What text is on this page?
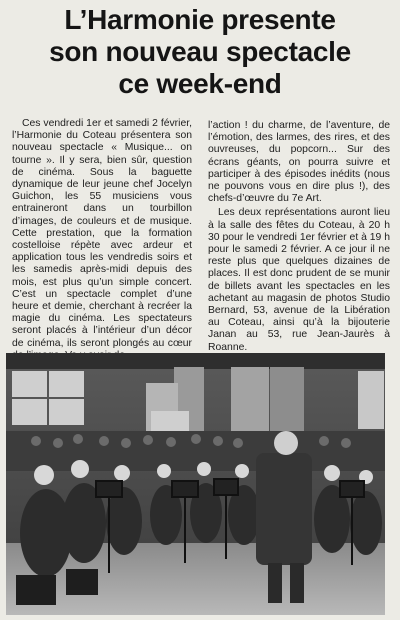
L’Harmonie presente
son nouveau spectacle
ce week-end

Ces vendredi 1er et samedi 2 février, l’Harmonie du Coteau présentera son nouveau spectacle « Musique... on tourne ». Il y sera, bien sûr, question de cinéma. Sous la baguette dynamique de leur jeune chef Jocelyn Guichon, les 55 musiciens vous entraineront dans un tourbillon d’images, de couleurs et de musique. Cette prestation, que la formation costelloise répète avec ardeur et application tous les vendredis soirs et les samedis après-midi depuis des mois, est plus qu’un simple concert. C’est un spectacle complet d’une heure et demie, cherchant à recréer la magie du cinéma. Les spectateurs seront placés à l’intérieur d’un décor de cinéma, ils seront plongés au cœur

l’action ! du charme, de l’aventure, de l’émotion, des larmes, des rires, et des ouvreuses, du popcorn... Sur des écrans géants, on pourra suivre et participer à des épisodes inédits (nous ne pouvons vous en dire plus !), des chefs-d’œuvre du 7e Art.

Les deux représentations auront lieu à la salle des fêtes du Coteau, à 20 h 30 pour le vendredi 1er février et à 19 h pour le samedi 2 février. A ce jour il ne reste plus que quelques dizaines de places. Il est donc prudent de se munir de billets avant les spectacles en les achetant au magasin de photos Studio Bernard, 53, avenue de la Libération au Coteau, ainsi qu’à la bijouterie Janan au 53, rue Jean-Jaurès à Roanne.
